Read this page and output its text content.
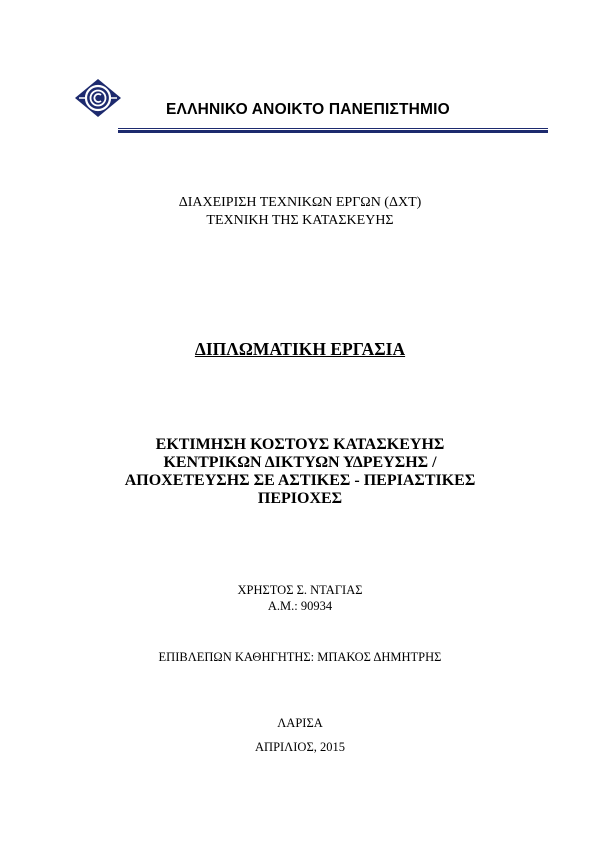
ΕΛΛΗΝΙΚΟ ΑΝΟΙΚΤΟ ΠΑΝΕΠΙΣΤΗΜΙΟ
ΔΙΑΧΕΙΡΙΣΗ ΤΕΧΝΙΚΩΝ ΕΡΓΩΝ (ΔΧΤ)
ΤΕΧΝΙΚΗ ΤΗΣ ΚΑΤΑΣΚΕΥΗΣ
ΔΙΠΛΩΜΑΤΙΚΗ ΕΡΓΑΣΙΑ
ΕΚΤΙΜΗΣΗ ΚΟΣΤΟΥΣ ΚΑΤΑΣΚΕΥΗΣ
ΚΕΝΤΡΙΚΩΝ ΔΙΚΤΥΩΝ ΥΔΡΕΥΣΗΣ /
ΑΠΟΧΕΤΕΥΣΗΣ ΣΕ ΑΣΤΙΚΕΣ - ΠΕΡΙΑΣΤΙΚΕΣ
ΠΕΡΙΟΧΕΣ
ΧΡΗΣΤΟΣ Σ. ΝΤΑΓΙΑΣ
Α.Μ.: 90934
ΕΠΙΒΛΕΠΩΝ ΚΑΘΗΓΗΤΗΣ: ΜΠΑΚΟΣ ΔΗΜΗΤΡΗΣ
ΛΑΡΙΣΑ
ΑΠΡΙΛΙΟΣ, 2015
